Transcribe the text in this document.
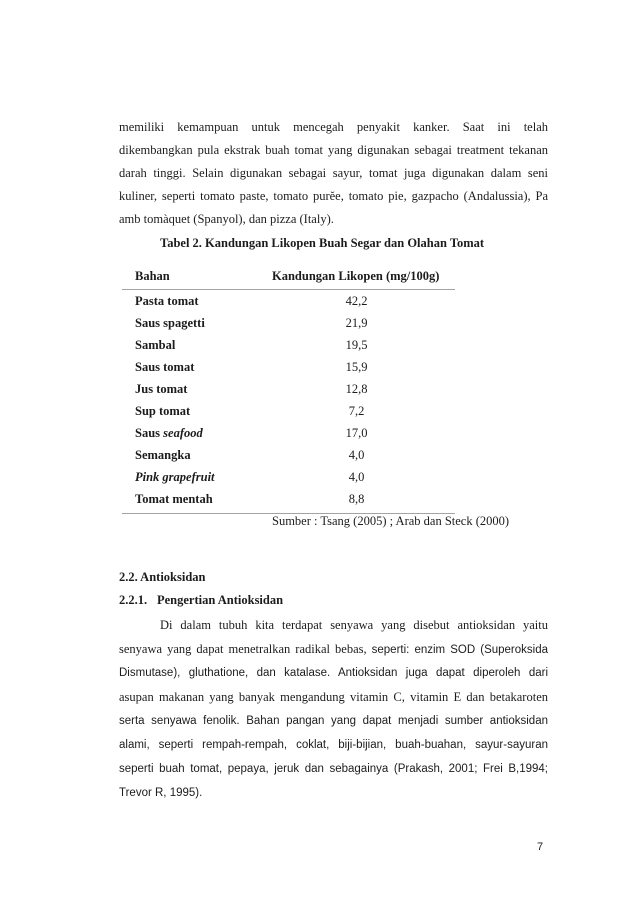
memiliki kemampuan untuk mencegah penyakit kanker. Saat ini telah
dikembangkan pula ekstrak buah tomat yang digunakan sebagai treatment tekanan
darah tinggi. Selain digunakan sebagai sayur, tomat juga digunakan dalam seni
kuliner, seperti tomato paste, tomato purĕe, tomato pie, gazpacho (Andalussia), Pa
amb tomàquet (Spanyol), dan pizza (Italy).
Tabel 2. Kandungan Likopen Buah Segar dan Olahan Tomat
Bahan	Kandungan Likopen (mg/100g)
Pasta tomat	42,2
Saus spagetti	21,9
Sambal	19,5
Saus tomat	15,9
Jus tomat	12,8
Sup tomat	7,2
Saus seafood	17,0
Semangka	4,0
Pink grapefruit	4,0
Tomat mentah	8,8
Sumber : Tsang (2005) ; Arab dan Steck (2000)
2.2. Antioksidan
2.2.1. Pengertian Antioksidan
Di dalam tubuh kita terdapat senyawa yang disebut antioksidan yaitu
senyawa yang dapat menetralkan radikal bebas, seperti: enzim SOD (Superoksida
Dismutase), gluthatione, dan katalase. Antioksidan juga dapat diperoleh dari
asupan makanan yang banyak mengandung vitamin C, vitamin E dan betakaroten
serta senyawa fenolik. Bahan pangan yang dapat menjadi sumber antioksidan
alami, seperti rempah-rempah, coklat, biji-bijian, buah-buahan, sayur-sayuran
seperti buah tomat, pepaya, jeruk dan sebagainya (Prakash, 2001; Frei B,1994;
Trevor R, 1995).
7
